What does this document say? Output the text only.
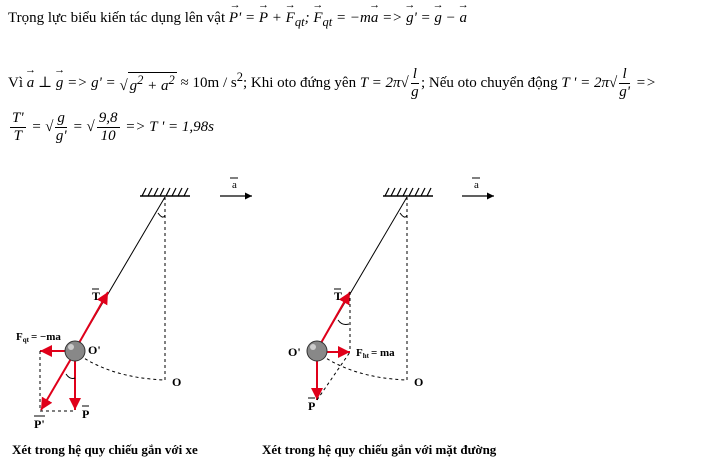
Trọng lực biểu kiến tác dụng lên vật → P' = → P + → $F_{qt}$; → $F_{qt} = -m\to a$ => → g' = → g − → a
Vì → a ⊥ → g => g' = √ $g^2 + a^2 \approx 10m / s^2$; Khi oto đứng yên $T = 2\pi√ \frac{l}{g}$ ; Nếu oto chuyển động T ' = $2\pi√ \frac{l}{g'}$ =>
$\frac{T'}{T}$ = √ $\frac{g}{g'}$ = √ $\frac{9,8}{10} => T$ ' = 1,98s
T
Fqt = −ma
O'
O
P
P'
a
T
Fht = ma
O'
O
P
a
Xét trong hệ quy chiếu gắn với xe	Xét trong hệ quy chiếu gắn với mặt đường
